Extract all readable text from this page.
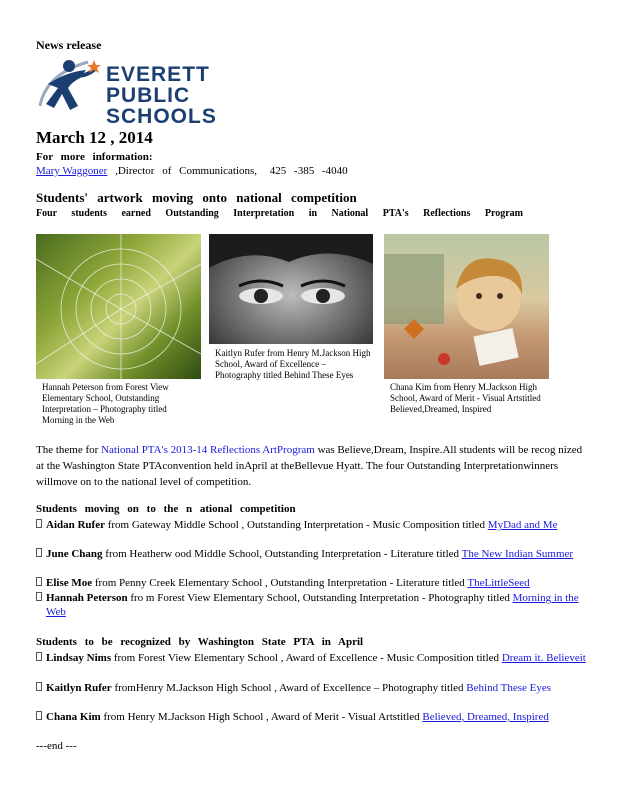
News release
EVERETT
PUBLIC
SCHOOLS
March 12 , 2014
For more information:
Mary Waggoner ,Director of Communications, 425 -385 -4040
Students' artwork moving onto national competition
Four students earned Outstanding Interpretation in National PTA's Reflections Program
Hannah Peterson from Forest View Elementary School, Outstanding Interpretation – Photography titled Morning in the Web
Kaitlyn Rufer from Henry M.Jackson High School, Award of Excellence – Photography titled Behind These Eyes
Chana Kim from Henry M.Jackson High School, Award of Merit - Visual Artstitled Believed,Dreamed, Inspired
The theme for National PTA's 2013-14 Reflections ArtProgram was Believe,Dream, Inspire.All students will be recog nized at the Washington State PTAconvention held inApril at theBellevue Hyatt. The four Outstanding Interpretationwinners willmove on to the national level of competition.
Students moving on to the n ational competition
Aidan Rufer from Gateway Middle School , Outstanding Interpretation - Music Composition titled MyDad and Me
June Chang from Heatherw ood Middle School, Outstanding Interpretation - Literature titled The New Indian Summer
Elise Moe from Penny Creek Elementary School , Outstanding Interpretation - Literature titled TheLittleSeed
Hannah Peterson fro m Forest View Elementary School, Outstanding Interpretation - Photography titled Morning in the Web
Students to be recognized by Washington State PTA in April
Lindsay Nims from Forest View Elementary School , Award of Excellence - Music Composition titled Dream it. Believeit
Kaitlyn Rufer fromHenry M.Jackson High School , Award of Excellence – Photography titled Behind These Eyes
Chana Kim from Henry M.Jackson High School , Award of Merit - Visual Artstitled Believed, Dreamed, Inspired
---end ---
